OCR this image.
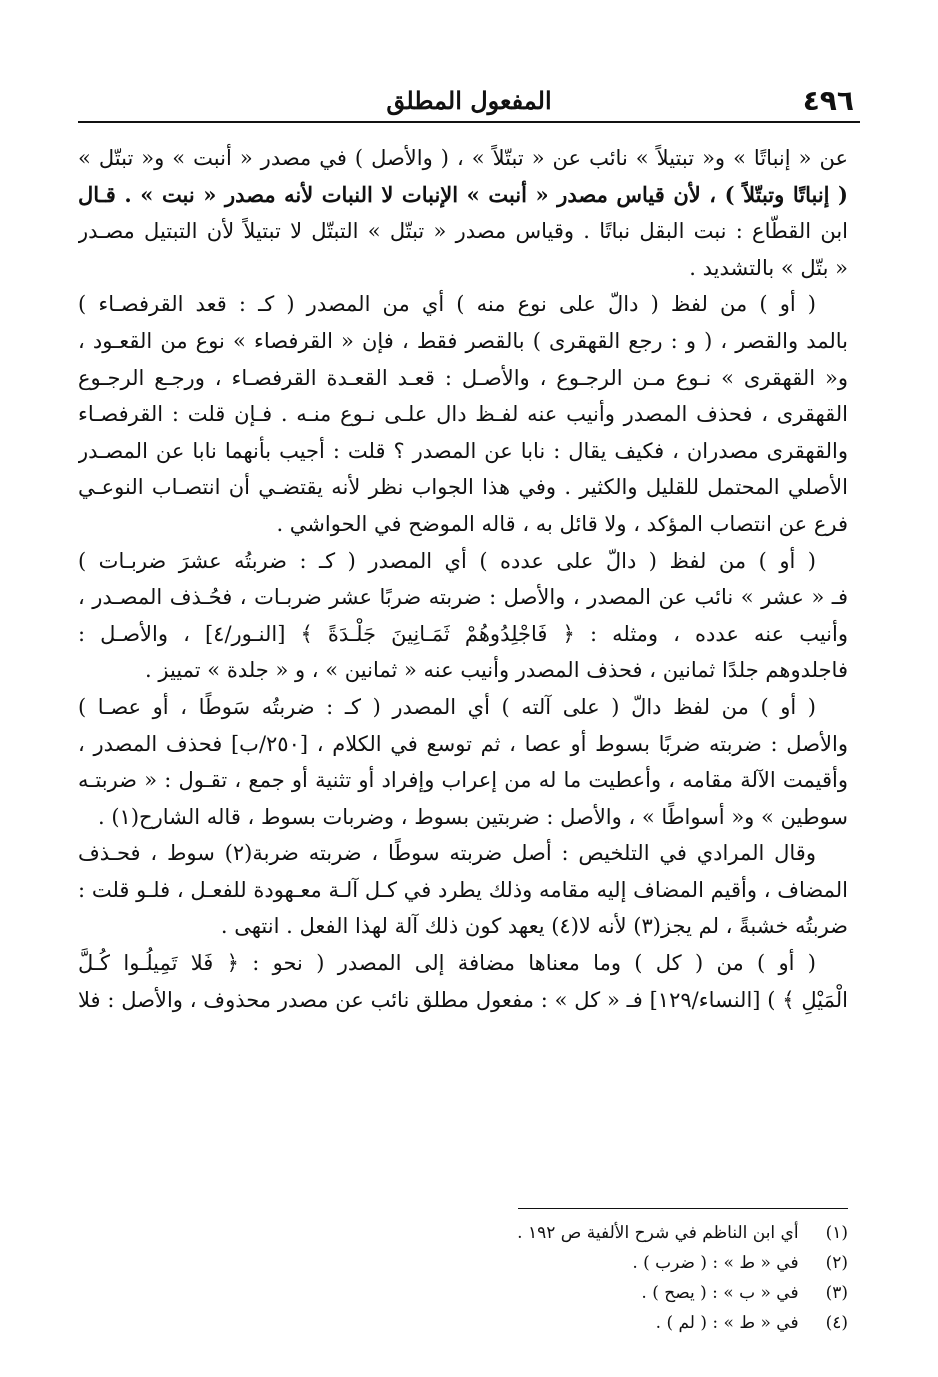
٤٩٦
المفعول المطلق
عن « إنباتًا » و« تبتيلاً » نائب عن « تبتّلاً » ، ( والأصل ) في مصدر « أنبت » و« تبتّل »
( إنباتًا وتبتّلاً ) ، لأن قياس مصدر « أنبت » الإنبات لا النبات لأنه مصدر « نبت » . قـال
ابن القطّاع : نبت البقل نباتًا . وقياس مصدر « تبتّل » التبتّل لا تبتيلاً لأن التبتيل مصـدر
« بتّل » بالتشديد .
( أو ) من لفظ ( دالّ على نوع منه ) أي من المصدر ( كـ : قعد القرفصـاء )
بالمد والقصر ، ( و : رجع القهقرى ) بالقصر فقط ، فإن « القرفصاء » نوع من القعـود ،
و« القهقرى » نـوع مـن الرجـوع ، والأصـل : قعـد القعـدة القرفصـاء ، ورجـع الرجـوع
القهقرى ، فحذف المصدر وأنيب عنه لفـظ دال علـى نـوع منـه . فـإن قلت : القرفصـاء
والقهقرى مصدران ، فكيف يقال : نابا عن المصدر ؟ قلت : أجيب بأنهما نابا عن المصـدر
الأصلي المحتمل للقليل والكثير . وفي هذا الجواب نظر لأنه يقتضـي أن انتصـاب النوعـي
فرع عن انتصاب المؤكد ، ولا قائل به ، قاله الموضح في الحواشي .
( أو ) من لفظ ( دالّ على عدده ) أي المصدر ( كـ : ضربتُه عشرَ ضربـات )
فـ « عشر » نائب عن المصدر ، والأصل : ضربته ضربًا عشر ضربـات ، فحُـذف المصـدر ،
وأنيب عنه عدده ، ومثله : ﴿ فَاجْلِدُوهُمْ ثَمَـانِينَ جَلْـدَةً ﴾ [النـور/٤] ، والأصـل :
فاجلدوهم جلدًا ثمانين ، فحذف المصدر وأنيب عنه « ثمانين » ، و « جلدة » تمييز .
( أو ) من لفظ دالّ ( على آلته ) أي المصدر ( كـ : ضربتُه سَوطًا ، أو عصـا )
والأصل : ضربته ضربًا بسوط أو عصا ، ثم توسع في الكلام ، [٢٥٠/ب] فحذف المصدر ،
وأقيمت الآلة مقامه ، وأعطيت ما له من إعراب وإفراد أو تثنية أو جمع ، تقـول : « ضربتـه
سوطين » و« أسواطًا » ، والأصل : ضربتين بسوط ، وضربات بسوط ، قاله الشارح(١) .
وقال المرادي في التلخيص : أصل ضربته سوطًا ، ضربته ضربة(٢) سوط ، فحـذف
المضاف ، وأقيم المضاف إليه مقامه وذلك يطرد في كـل آلـة معـهودة للفعـل ، فلـو قلت :
ضربتُه خشبةً ، لم يجز(٣) لأنه لا(٤) يعهد كون ذلك آلة لهذا الفعل . انتهى .
( أو ) من ( كل ) وما معناها مضافة إلى المصدر ( نحو : ﴿ فَلا تَمِيلُـوا كُـلَّ
الْمَيْلِ ﴾ ) [النساء/١٢٩] فـ « كل » : مفعول مطلق نائب عن مصدر محذوف ، والأصل : فلا
(١) أي ابن الناظم في شرح الألفية ص ١٩٢ .
(٢) في « ط » : ( ضرب ) .
(٣) في « ب » : ( يصح ) .
(٤) في « ط » : ( لم ) .
